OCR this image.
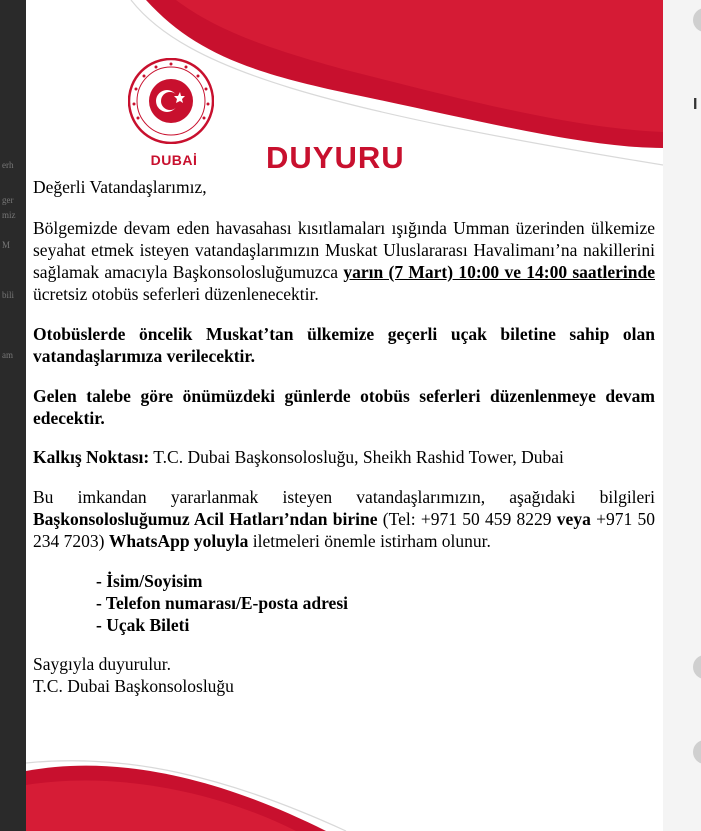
erh
ger
miz
M
bili
am
I
DUBAİ	DUYURU

Değerli Vatandaşlarımız,

Bölgemizde devam eden havasahası kısıtlamaları ışığında Umman üzerinden ülkemize seyahat etmek isteyen vatandaşlarımızın Muskat Uluslararası Havalimanı’na nakillerini sağlamak amacıyla Başkonsolosluğumuzca yarın (7 Mart) 10:00 ve 14:00 saatlerinde ücretsiz otobüs seferleri düzenlenecektir.

Otobüslerde öncelik Muskat’tan ülkemize geçerli uçak biletine sahip olan vatandaşlarımıza verilecektir.

Gelen talebe göre önümüzdeki günlerde otobüs seferleri düzenlenmeye devam edecektir.

Kalkış Noktası: T.C. Dubai Başkonsolosluğu, Sheikh Rashid Tower, Dubai

Bu imkandan yararlanmak isteyen vatandaşlarımızın, aşağıdaki bilgileri Başkonsolosluğumuz Acil Hatları’ndan birine (Tel: +971 50 459 8229 veya +971 50 234 7203) WhatsApp yoluyla iletmeleri önemle istirham olunur.

- İsim/Soyisim
- Telefon numarası/E-posta adresi
- Uçak Bileti

Saygıyla duyurulur.

T.C. Dubai Başkonsolosluğu
